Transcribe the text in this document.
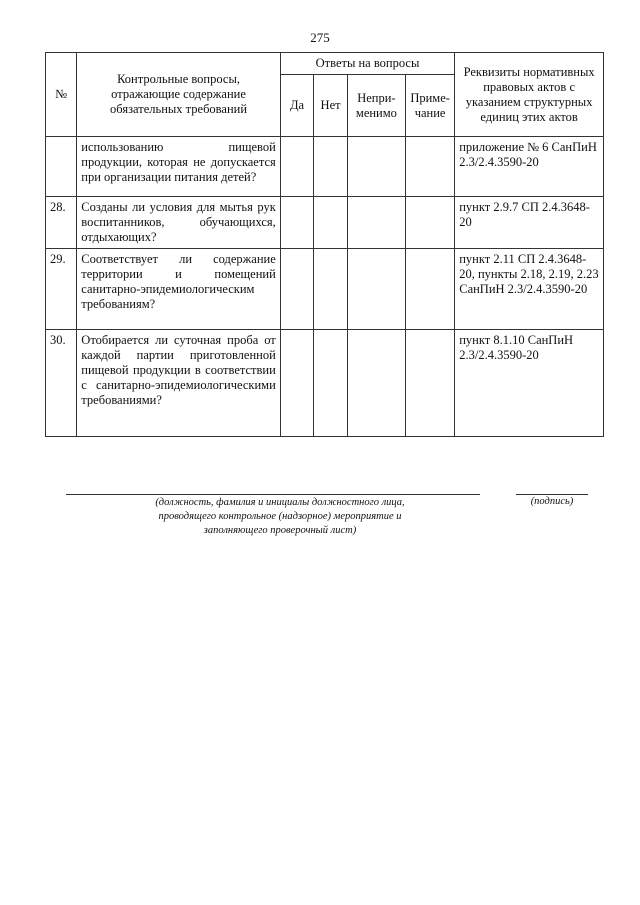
275
№	Контрольные вопросы, отражающие содержание обязательных требований	Ответы на вопросы				Реквизиты нормативных правовых актов с указанием структурных единиц этих актов
		Да	Нет	Непри-менимо	Приме-чание	
	использованию пищевой продукции, которая не допускается при организации питания детей?					приложение № 6 СанПиН 2.3/2.4.3590-20
28.	Созданы ли условия для мытья рук воспитанников, обучающихся, отдыхающих?					пункт 2.9.7 СП 2.4.3648-20
29.	Соответствует ли содержание территории и помещений санитарно-эпидемиологическим требованиям?					пункт 2.11 СП 2.4.3648-20, пункты 2.18, 2.19, 2.23 СанПиН 2.3/2.4.3590-20
30.	Отобирается ли суточная проба от каждой партии приготовленной пищевой продукции в соответствии с санитарно-эпидемиологическими требованиями?					пункт 8.1.10 СанПиН 2.3/2.4.3590-20
(должность, фамилия и инициалы должностного лица, проводящего контрольное (надзорное) мероприятие и заполняющего проверочный лист)
(подпись)
